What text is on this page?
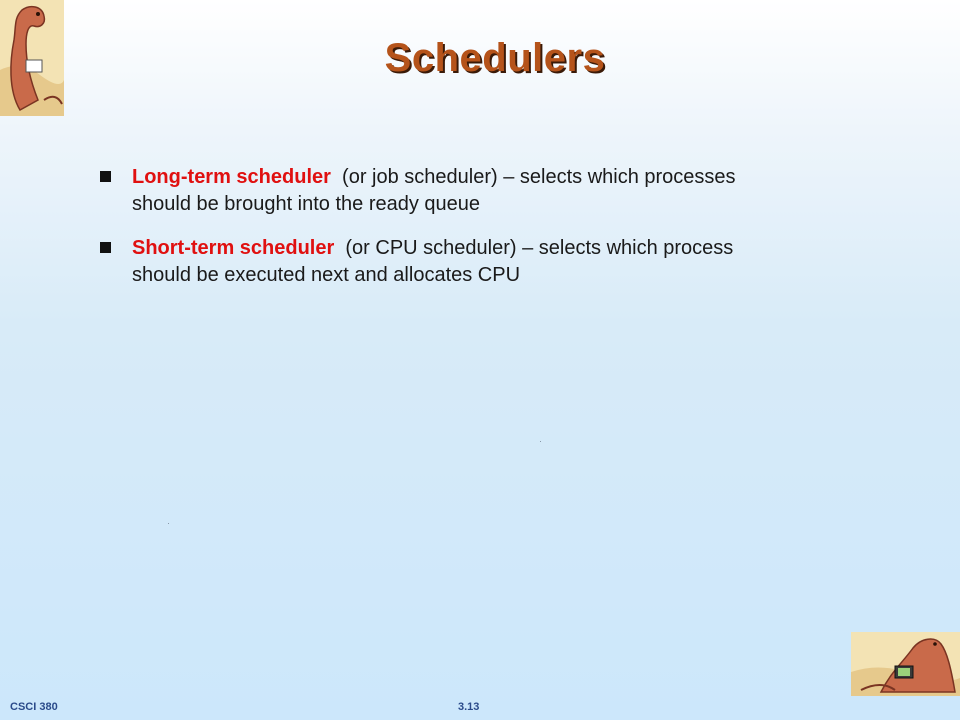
Schedulers
Long-term scheduler  (or job scheduler) – selects which processes should be brought into the ready queue
Short-term scheduler  (or CPU scheduler) – selects which process should be executed next and allocates CPU
CSCI 380	3.13
